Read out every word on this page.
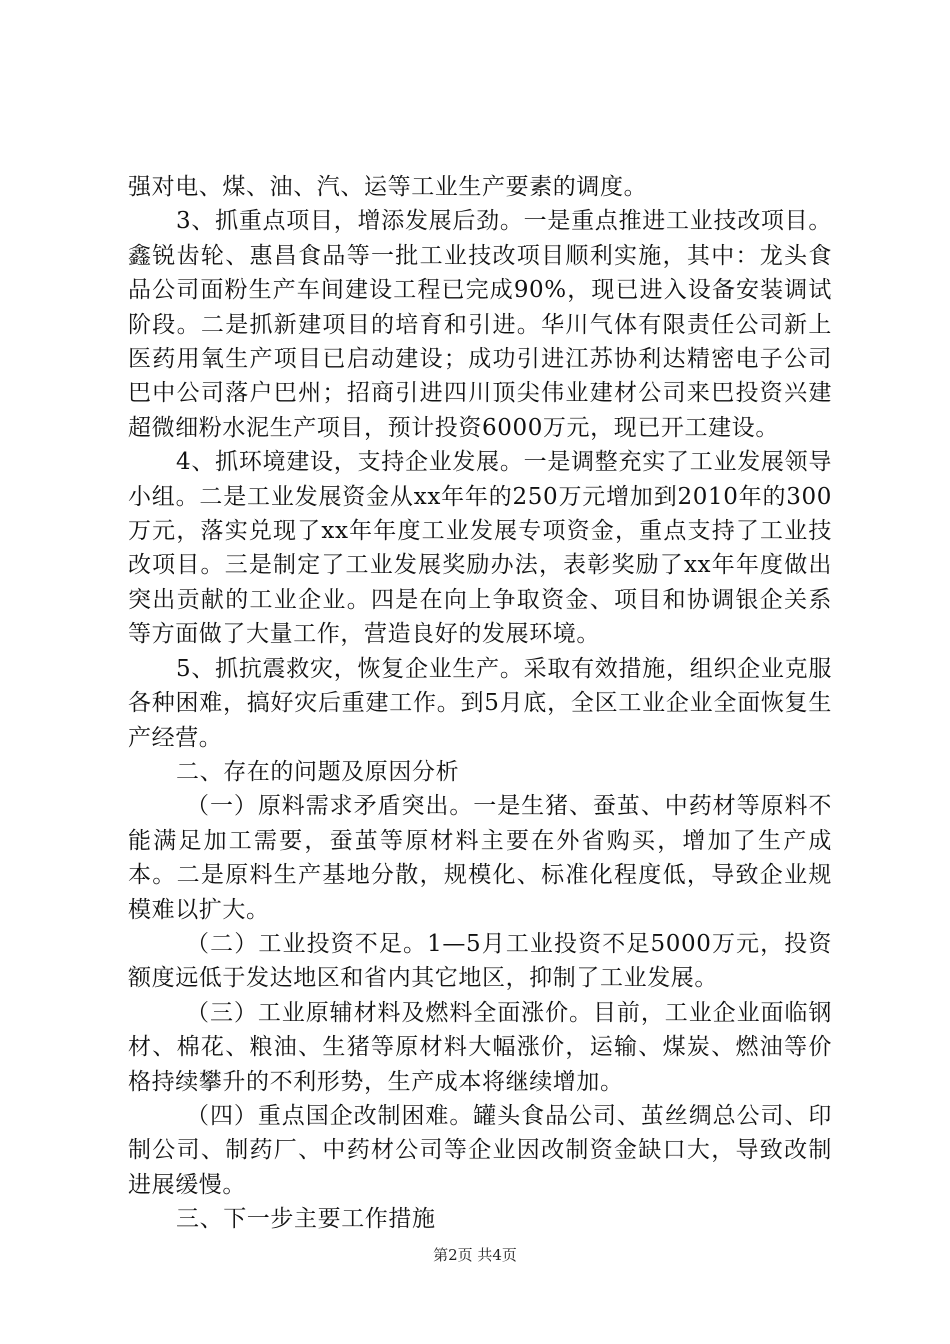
强对电、煤、油、汽、运等工业生产要素的调度。

3、抓重点项目，增添发展后劲。一是重点推进工业技改项目。鑫锐齿轮、惠昌食品等一批工业技改项目顺利实施，其中：龙头食品公司面粉生产车间建设工程已完成90%，现已进入设备安装调试阶段。二是抓新建项目的培育和引进。华川气体有限责任公司新上医药用氧生产项目已启动建设；成功引进江苏协利达精密电子公司巴中公司落户巴州；招商引进四川顶尖伟业建材公司来巴投资兴建超微细粉水泥生产项目，预计投资6000万元，现已开工建设。

4、抓环境建设，支持企业发展。一是调整充实了工业发展领导小组。二是工业发展资金从xx年年的250万元增加到2010年的300万元，落实兑现了xx年年度工业发展专项资金，重点支持了工业技改项目。三是制定了工业发展奖励办法，表彰奖励了xx年年度做出突出贡献的工业企业。四是在向上争取资金、项目和协调银企关系等方面做了大量工作，营造良好的发展环境。

5、抓抗震救灾，恢复企业生产。采取有效措施，组织企业克服各种困难，搞好灾后重建工作。到5月底，全区工业企业全面恢复生产经营。

二、存在的问题及原因分析

（一）原料需求矛盾突出。一是生猪、蚕茧、中药材等原料不能满足加工需要，蚕茧等原材料主要在外省购买，增加了生产成本。二是原料生产基地分散，规模化、标准化程度低，导致企业规模难以扩大。

（二）工业投资不足。1—5月工业投资不足5000万元，投资额度远低于发达地区和省内其它地区，抑制了工业发展。

（三）工业原辅材料及燃料全面涨价。目前，工业企业面临钢材、棉花、粮油、生猪等原材料大幅涨价，运输、煤炭、燃油等价格持续攀升的不利形势，生产成本将继续增加。

（四）重点国企改制困难。罐头食品公司、茧丝绸总公司、印制公司、制药厂、中药材公司等企业因改制资金缺口大，导致改制进展缓慢。

三、下一步主要工作措施

第2页 共4页
